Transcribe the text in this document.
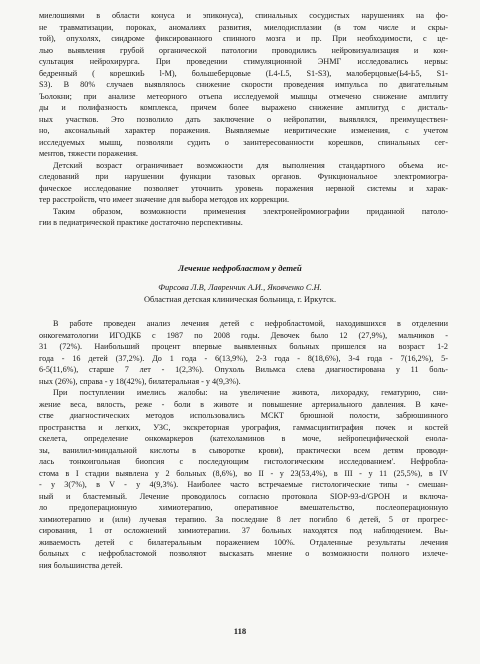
миелошиями в области конуса и эпиконуса), спинальных сосудистых нарушениях на фо-
не травматизации, пороках, аномалиях развития, миелодисплазии (в том числе и скры-
той), опухолях, синдроме фиксированного спинного мозга и пр. При необходимости, с це-
лью выявления грубой органической патологии проводились нейровизуализация и кон-
сультация нейрохирурга. При проведении стимуляционной ЭНМГ исследовались нервы:
бедренный ( корешкиЬ l-M), большеберцовые (L4-L5, S1-S3), малоберцовые(Ь4-Ь5, S1-
S3). В 80% случаев выявлялось снижение скорости проведения импульса по двигательным
Ъолокни; при анализе метеорного отъепа исследуемой мышцы отмечено снижение амплиту
ды и полифазность комплекса, причем более выражено снижение амплитуд с дисталь-
ных участков. Это позволило дать заключение о нейропатии, выявлялся, преимуществен-
но, аксональный характер поражения. Выявляемые невритические изменения, с учетом
исследуемых мышц, позволяли судить о заинтересованности корешков, спинальных сег-
ментов, тяжести поражения.
Детский возраст ограничивает возможности для выполнения стандартного объема ис-
следований при нарушении функции тазовых органов. Функциональное электромиогра-
фическое исследование позволяет уточнить уровень поражения нервной системы и харак-
тер расстройств, что имеет значение для выбора методов их коррекции.
Таким образом, возможности применения электронейромиографии приданной патоло-
гии в педиатрической практике достаточно перспективны.
Лечение нефробластом у детей
Фирсова Л.В, Лавренчик А.И., Яковченко С.Н.
Областная детская клиническая больница, г. Иркутск.
В работе проведен анализ лечения детей с нефробластомой, находившихся в отделении
онкогематологии ИГОДКБ с 1987 по 2008 годы. Девочек было 12 (27,9%), мальчиков -
31 (72%). Наибольший процент впервые выявленных больных пришелся на возраст 1-2
года - 16 детей (37,2%). До 1 года - 6(13,9%), 2-3 года - 8(18,6%), 3-4 года - 7(16,2%), 5-
6-5(11,6%), старше 7 лет - 1(2,3%). Опухоль Вильмса слева диагностирована у 11 боль-
ных (26%), справа - у 18(42%), билатеральная - у 4(9,3%).
При поступлении имелись жалобы: на увеличение живота, лихорадку, гематурию, сни-
жение веса, вялость, реже - боли в животе и повышение артериального давления. В каче-
стве диагностических методов использовались МСКТ брюшной полости, забрюшинного
пространства и легких, УЗС, экскреторная урография, гаммасцинтиграфия почек и костей
скелета, определение онкомаркеров (катехоламинов в моче, нейропецифической енола-
зы, ванилил-миндальной кислоты в сыворотке крови), практически всем детям проводи-
лась тонкоигольная биопсия с последующим гистологическим исследованием'. Нефробла-
стома в I стадии выявлена у 2 больных (8,6%), во II - у 23(53,4%), в III - у 11 (25,5%), в IV
- у 3(7%), в V - у 4(9,3%). Наиболее часто встречаемые гистологические типы - смешан-
ный и бластемный. Лечение проводилось согласно протокола SIOP-93-d/GPOH и включа-
ло предоперационную химиотерапию, оперативное вмешательство, послеоперационную
химиотерапию и (или) лучевая терапию. За последние 8 лет погибло 6 детей, 5 от прогрес-
сирования, 1 от осложнений химиотерапии. 37 больных находятся под наблюдением. Вы-
живаемость детей с билатеральным поражением 100%. Отдаленные результаты лечения
больных с нефробластомой позволяют высказать мнение о возможности полного излече-
ния большинства детей.
118
